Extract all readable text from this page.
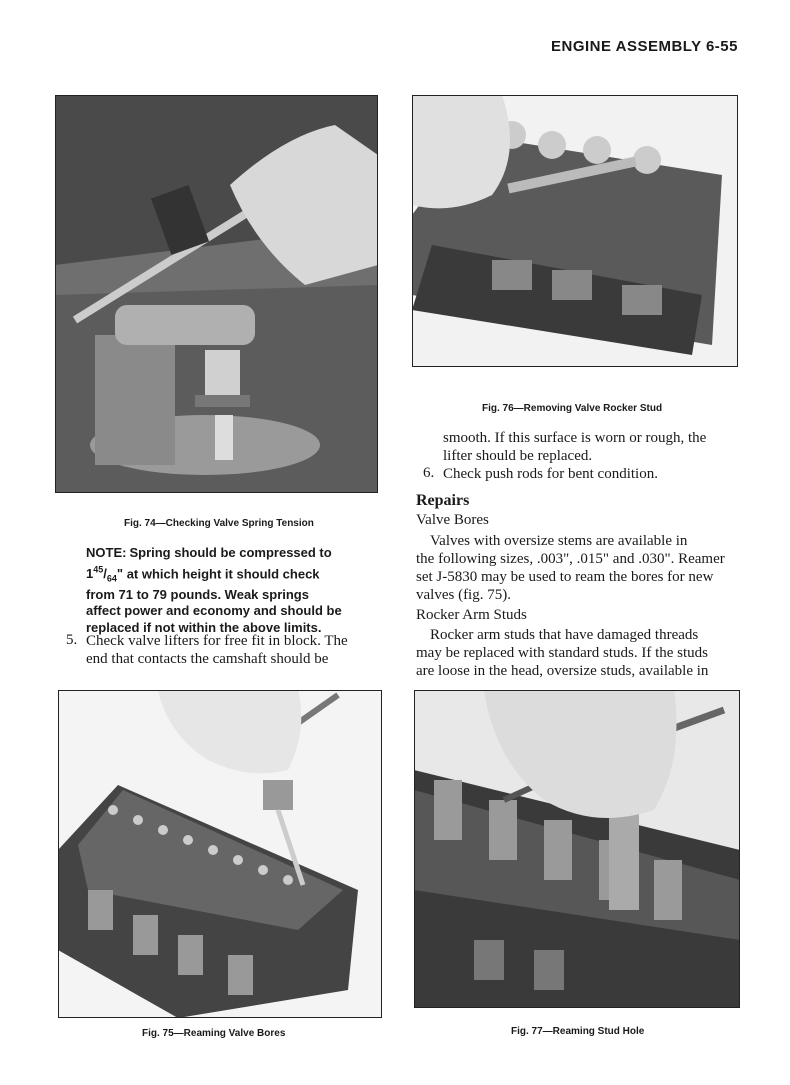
ENGINE ASSEMBLY 6-55
Fig. 74—Checking Valve Spring Tension
Fig. 76—Removing Valve Rocker Stud
NOTE: Spring should be compressed to
$1^{45}/_{64}$" at which height it should check
from 71 to 79 pounds. Weak springs
affect power and economy and should be
replaced if not within the above limits.
5. Check valve lifters for free fit in block. The
end that contacts the camshaft should be
smooth. If this surface is worn or rough, the
lifter should be replaced.
6. Check push rods for bent condition.
Repairs
Valve Bores
Valves with oversize stems are available in
the following sizes, .003", .015" and .030". Reamer
set J-5830 may be used to ream the bores for new
valves (fig. 75).
Rocker Arm Studs
Rocker arm studs that have damaged threads
may be replaced with standard studs. If the studs
are loose in the head, oversize studs, available in
Fig. 75—Reaming Valve Bores	Fig. 77—Reaming Stud Hole
